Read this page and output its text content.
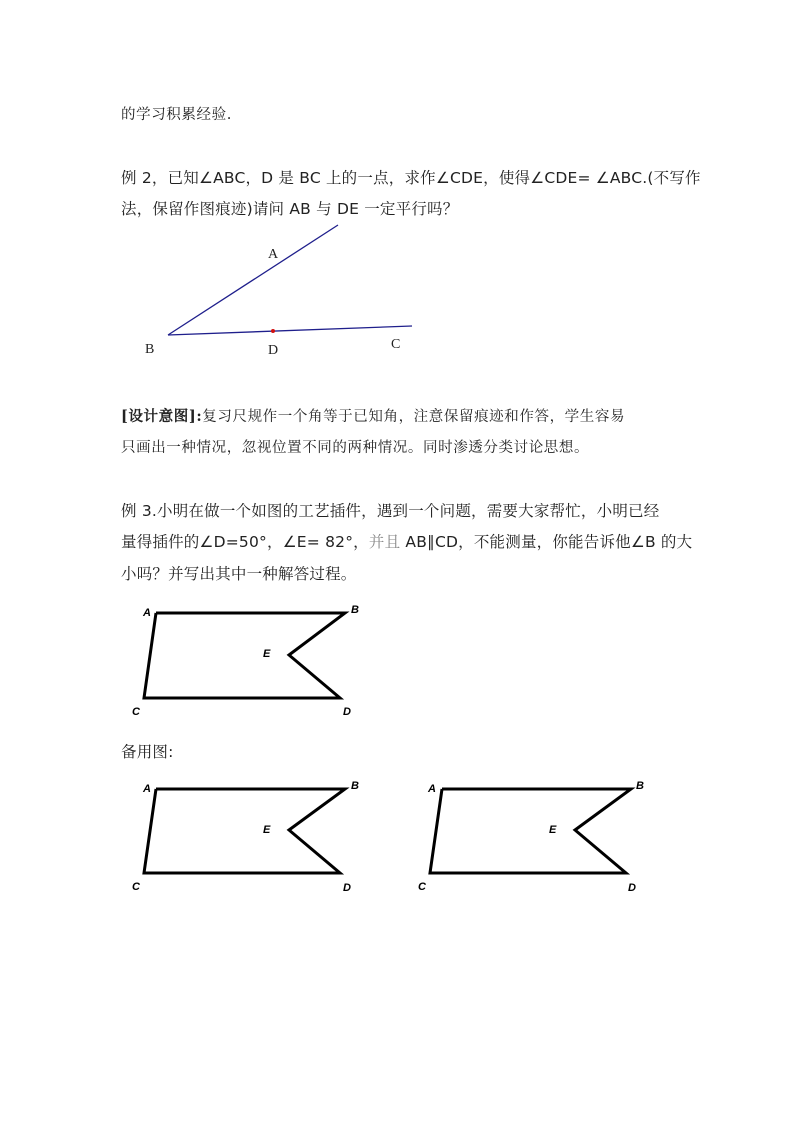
的学习积累经验.
例 2，已知∠ABC，D 是 BC 上的一点，求作∠CDE，使得∠CDE= ∠ABC.(不写作
法，保留作图痕迹)请问 AB 与 DE 一定平行吗？
A
B	D	C
[设计意图]:复习尺规作一个角等于已知角，注意保留痕迹和作答，学生容易
只画出一种情况，忽视位置不同的两种情况。同时渗透分类讨论思想。
例 3.小明在做一个如图的工艺插件，遇到一个问题，需要大家帮忙，小明已经
量得插件的∠D=50°，∠E= 82°，并且 AB∥CD，不能测量，你能告诉他∠B 的大
小吗？并写出其中一种解答过程。
A	B
E
C	D
备用图:
A	B
E
C	D
A	B
E
C	D
